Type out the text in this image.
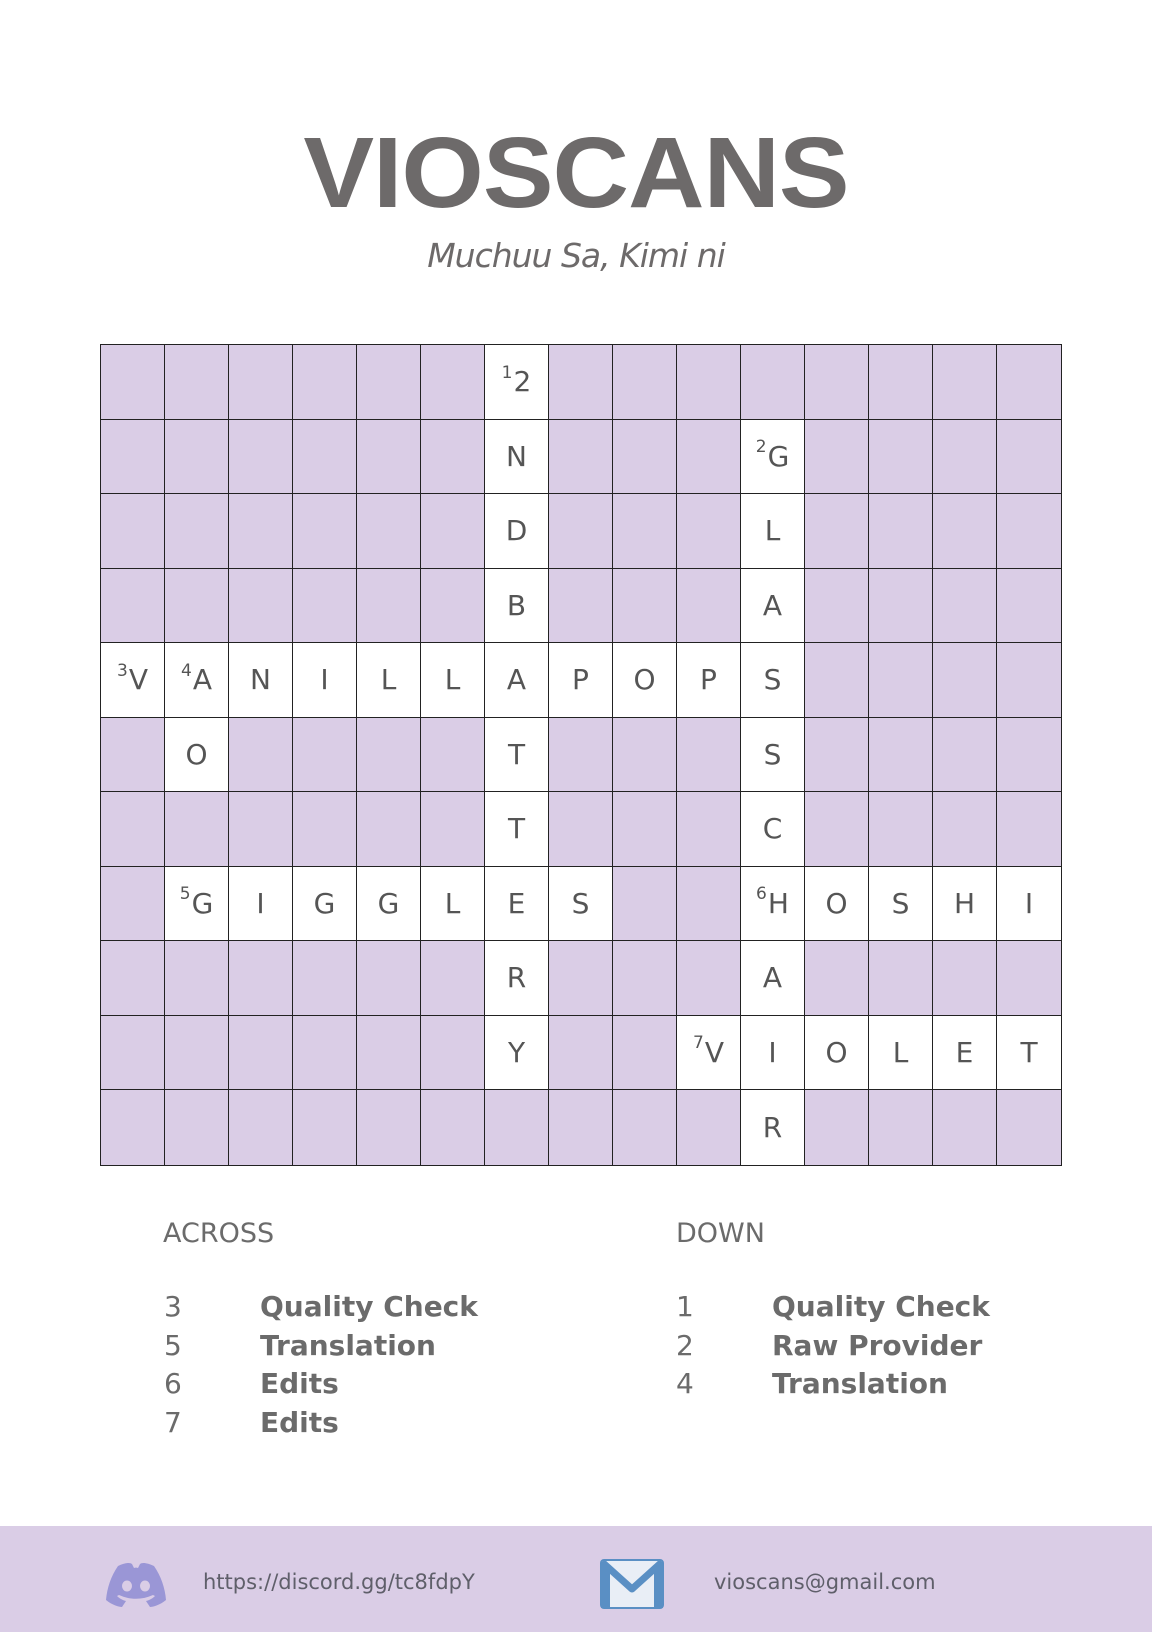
VIOSCANS
Muchuu Sa, Kimi ni
1 2
N	2 G
D	L
B	A
3 V 4 A N I L L A P O P S
O	T	S
T	C
5 G I G G L E S	6 H O S H I
R	A
Y	7 V I O L E T
R
ACROSS	DOWN
3	Quality Check
5	Translation
6	Edits
7	Edits
1	Quality Check
2	Raw Provider
4	Translation
https://discord.gg/tc8fdpY	vioscans@gmail.com
